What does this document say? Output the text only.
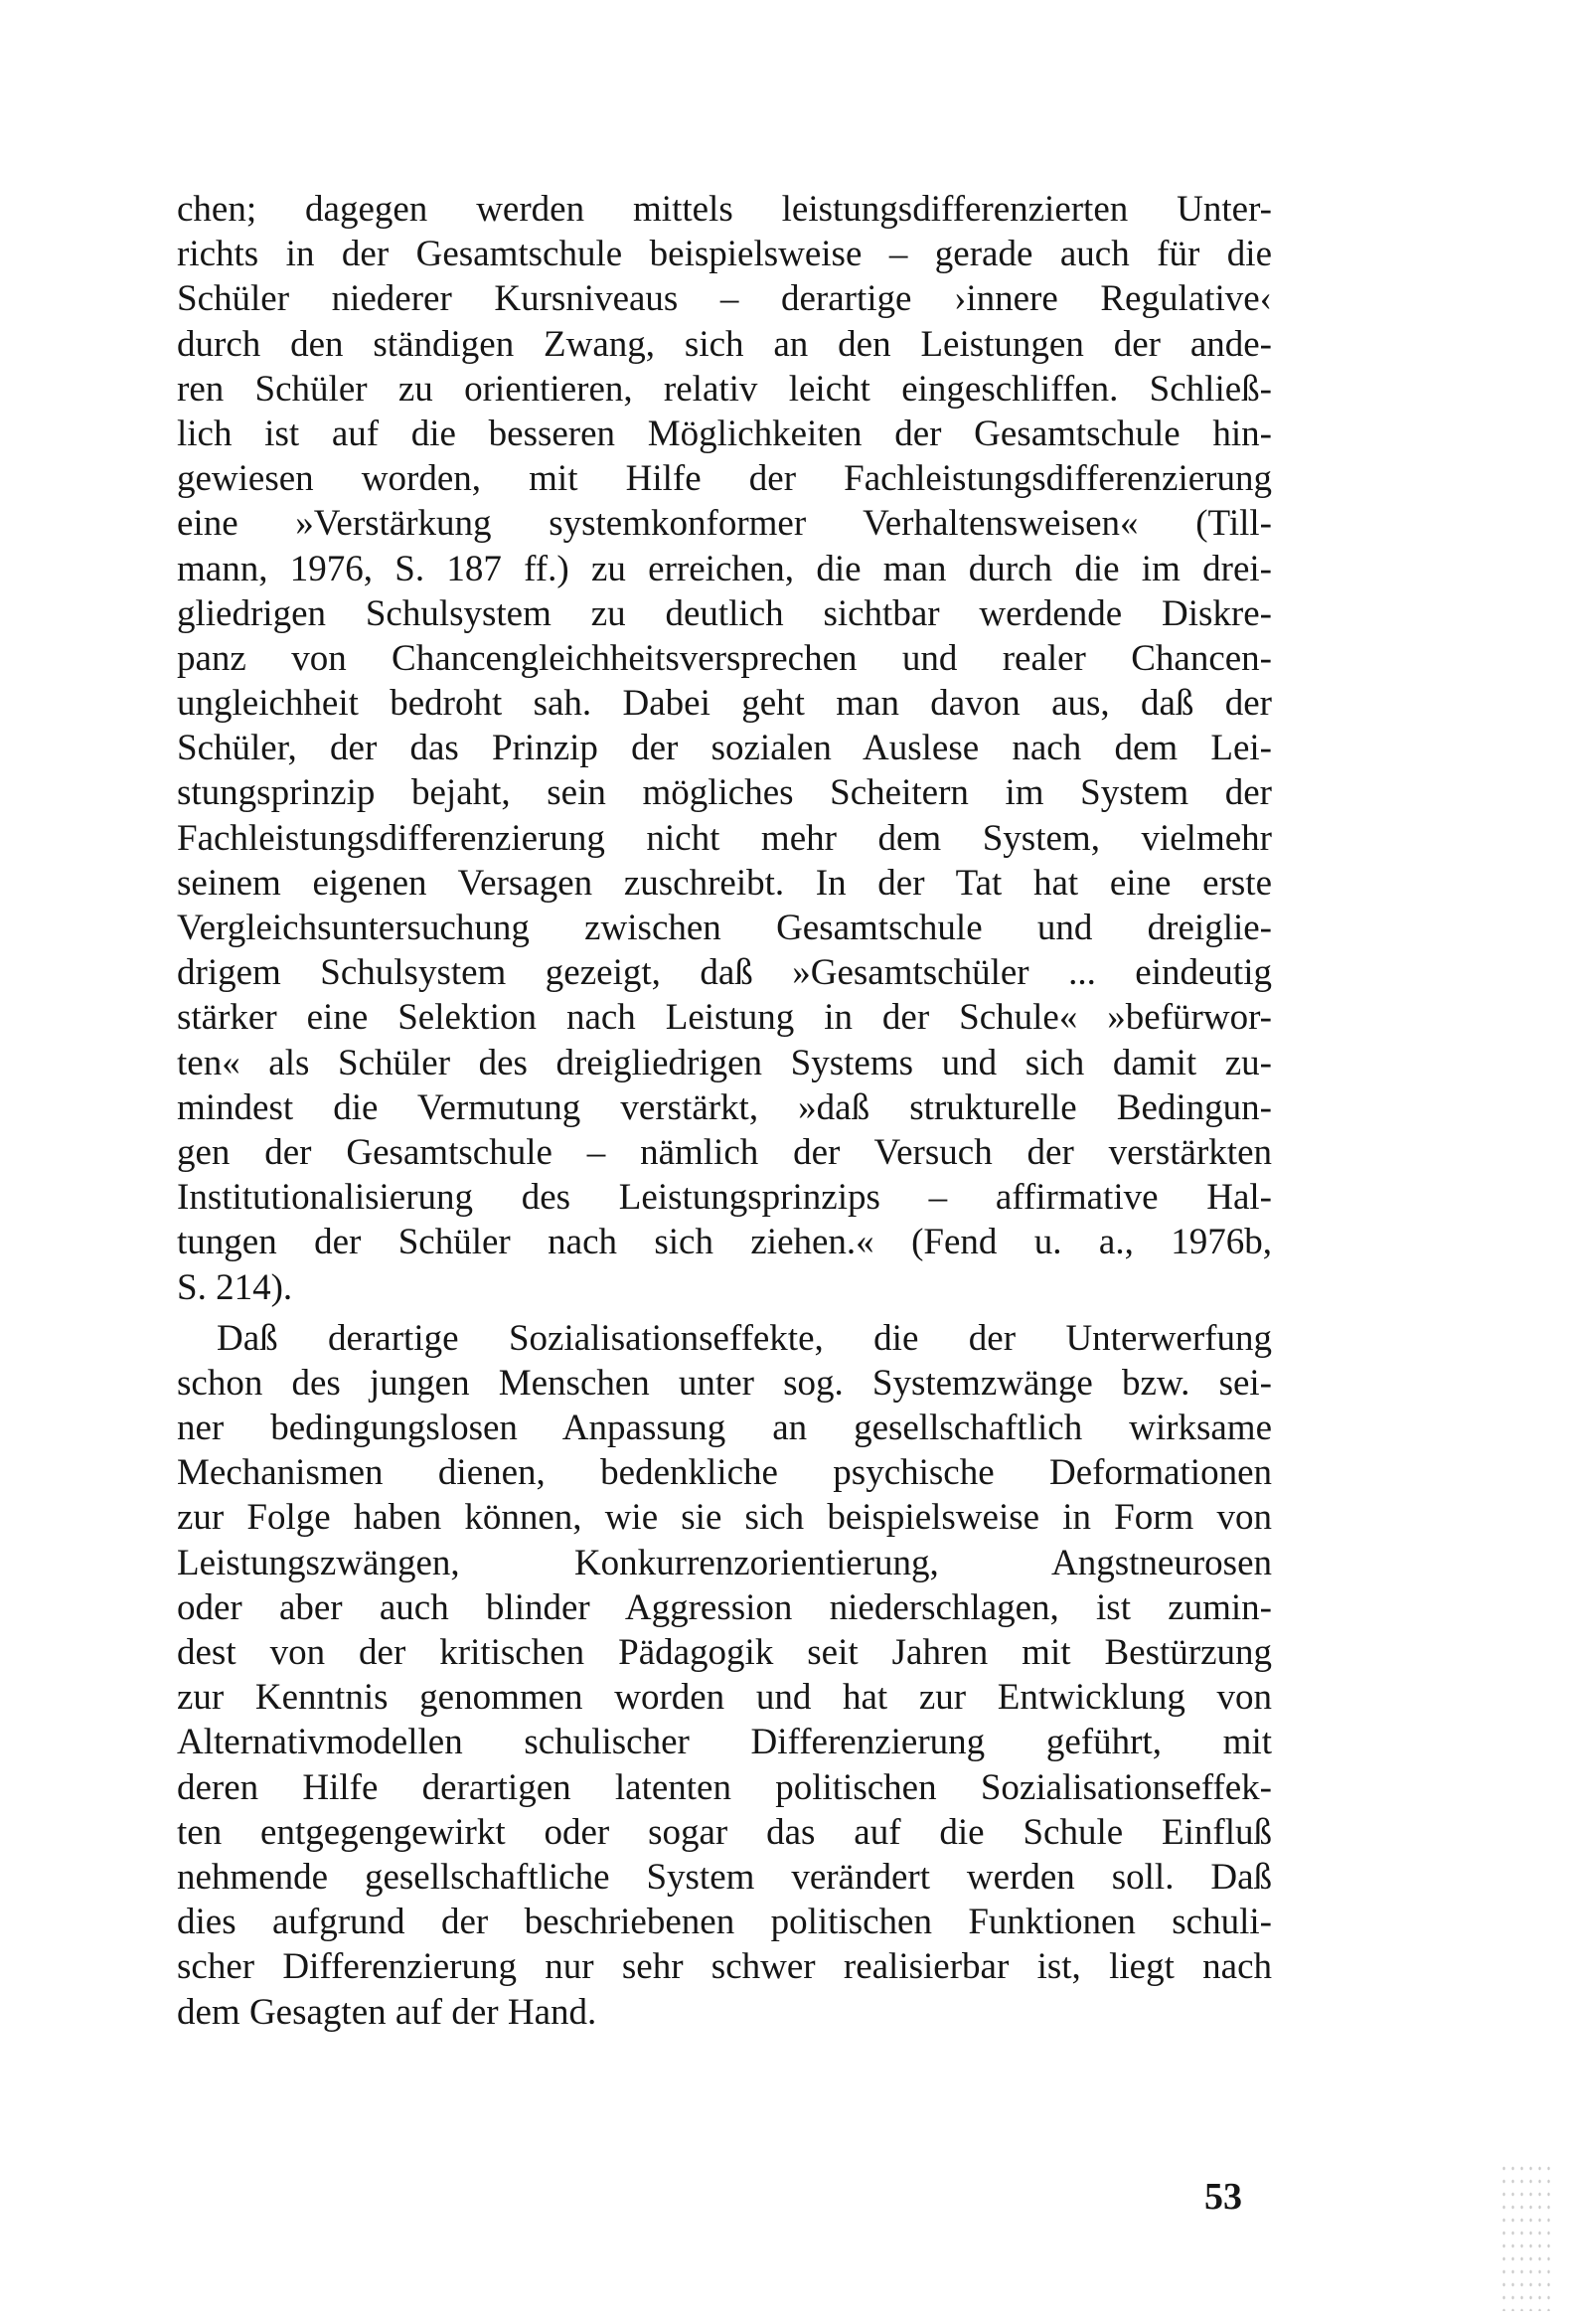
chen; dagegen werden mittels leistungsdifferenzierten Unter-
richts in der Gesamtschule beispielsweise – gerade auch für die
Schüler niederer Kursniveaus – derartige ›innere Regulative‹
durch den ständigen Zwang, sich an den Leistungen der ande-
ren Schüler zu orientieren, relativ leicht eingeschliffen. Schließ-
lich ist auf die besseren Möglichkeiten der Gesamtschule hin-
gewiesen worden, mit Hilfe der Fachleistungsdifferenzierung
eine »Verstärkung systemkonformer Verhaltensweisen« (Till-
mann, 1976, S. 187 ff.) zu erreichen, die man durch die im drei-
gliedrigen Schulsystem zu deutlich sichtbar werdende Diskre-
panz von Chancengleichheitsversprechen und realer Chancen-
ungleichheit bedroht sah. Dabei geht man davon aus, daß der
Schüler, der das Prinzip der sozialen Auslese nach dem Lei-
stungsprinzip bejaht, sein mögliches Scheitern im System der
Fachleistungsdifferenzierung nicht mehr dem System, vielmehr
seinem eigenen Versagen zuschreibt. In der Tat hat eine erste
Vergleichsuntersuchung zwischen Gesamtschule und dreiglie-
drigem Schulsystem gezeigt, daß »Gesamtschüler ... eindeutig
stärker eine Selektion nach Leistung in der Schule« »befürwor-
ten« als Schüler des dreigliedrigen Systems und sich damit zu-
mindest die Vermutung verstärkt, »daß strukturelle Bedingun-
gen der Gesamtschule – nämlich der Versuch der verstärkten
Institutionalisierung des Leistungsprinzips – affirmative Hal-
tungen der Schüler nach sich ziehen.« (Fend u. a., 1976b,
S. 214).
Daß derartige Sozialisationseffekte, die der Unterwerfung
schon des jungen Menschen unter sog. Systemzwänge bzw. sei-
ner bedingungslosen Anpassung an gesellschaftlich wirksame
Mechanismen dienen, bedenkliche psychische Deformationen
zur Folge haben können, wie sie sich beispielsweise in Form von
Leistungszwängen, Konkurrenzorientierung, Angstneurosen
oder aber auch blinder Aggression niederschlagen, ist zumin-
dest von der kritischen Pädagogik seit Jahren mit Bestürzung
zur Kenntnis genommen worden und hat zur Entwicklung von
Alternativmodellen schulischer Differenzierung geführt, mit
deren Hilfe derartigen latenten politischen Sozialisationseffek-
ten entgegengewirkt oder sogar das auf die Schule Einfluß
nehmende gesellschaftliche System verändert werden soll. Daß
dies aufgrund der beschriebenen politischen Funktionen schuli-
scher Differenzierung nur sehr schwer realisierbar ist, liegt nach
dem Gesagten auf der Hand.
53
